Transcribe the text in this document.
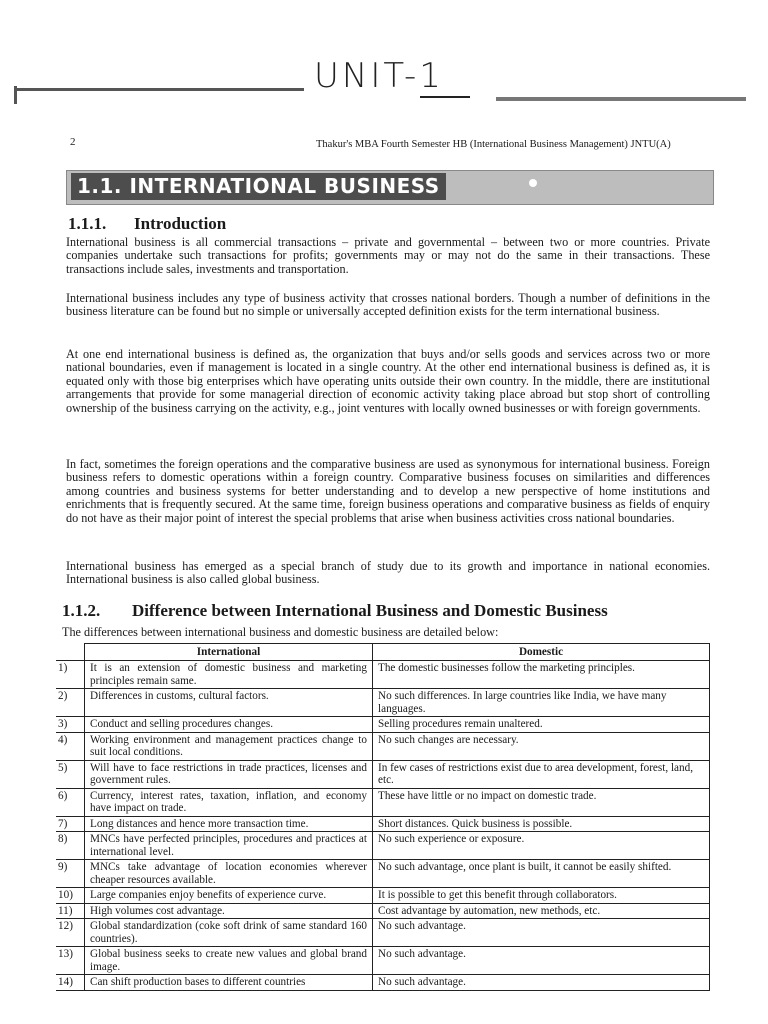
UNIT-1
2	Thakur's MBA Fourth Semester HB (International Business Management) JNTU(A)
1.1. INTERNATIONAL BUSINESS
1.1.1. Introduction

International business is all commercial transactions – private and governmental – between two or more countries. Private companies undertake such transactions for profits; governments may or may not do the same in their transactions. These transactions include sales, investments and transportation.

International business includes any type of business activity that crosses national borders. Though a number of definitions in the business literature can be found but no simple or universally accepted definition exists for the term international business.

At one end international business is defined as, the organization that buys and/or sells goods and services across two or more national boundaries, even if management is located in a single country. At the other end international business is defined as, it is equated only with those big enterprises which have operating units outside their own country. In the middle, there are institutional arrangements that provide for some managerial direction of economic activity taking place abroad but stop short of controlling ownership of the business carrying on the activity, e.g., joint ventures with locally owned businesses or with foreign governments.

In fact, sometimes the foreign operations and the comparative business are used as synonymous for international business. Foreign business refers to domestic operations within a foreign country. Comparative business focuses on similarities and differences among countries and business systems for better understanding and to develop a new perspective of home institutions and enrichments that is frequently secured. At the same time, foreign business operations and comparative business as fields of enquiry do not have as their major point of interest the special problems that arise when business activities cross national boundaries.

International business has emerged as a special branch of study due to its growth and importance in national economies. International business is also called global business.

1.1.2. Difference between International Business and Domestic Business
The differences between international business and domestic business are detailed below:
	International	Domestic
1)	It is an extension of domestic business and marketing principles remain same.	The domestic businesses follow the marketing principles.
2)	Differences in customs, cultural factors.	No such differences. In large countries like India, we have many languages.
3)	Conduct and selling procedures changes.	Selling procedures remain unaltered.
4)	Working environment and management practices change to suit local conditions.	No such changes are necessary.
5)	Will have to face restrictions in trade practices, licenses and government rules.	In few cases of restrictions exist due to area development, forest, land, etc.
6)	Currency, interest rates, taxation, inflation, and economy have impact on trade.	These have little or no impact on domestic trade.
7)	Long distances and hence more transaction time.	Short distances. Quick business is possible.
8)	MNCs have perfected principles, procedures and practices at international level.	No such experience or exposure.
9)	MNCs take advantage of location economies wherever cheaper resources available.	No such advantage, once plant is built, it cannot be easily shifted.
10)	Large companies enjoy benefits of experience curve.	It is possible to get this benefit through collaborators.
11)	High volumes cost advantage.	Cost advantage by automation, new methods, etc.
12)	Global standardization (coke soft drink of same standard 160 countries).	No such advantage.
13)	Global business seeks to create new values and global brand image.	No such advantage.
14)	Can shift production bases to different countries	No such advantage.
